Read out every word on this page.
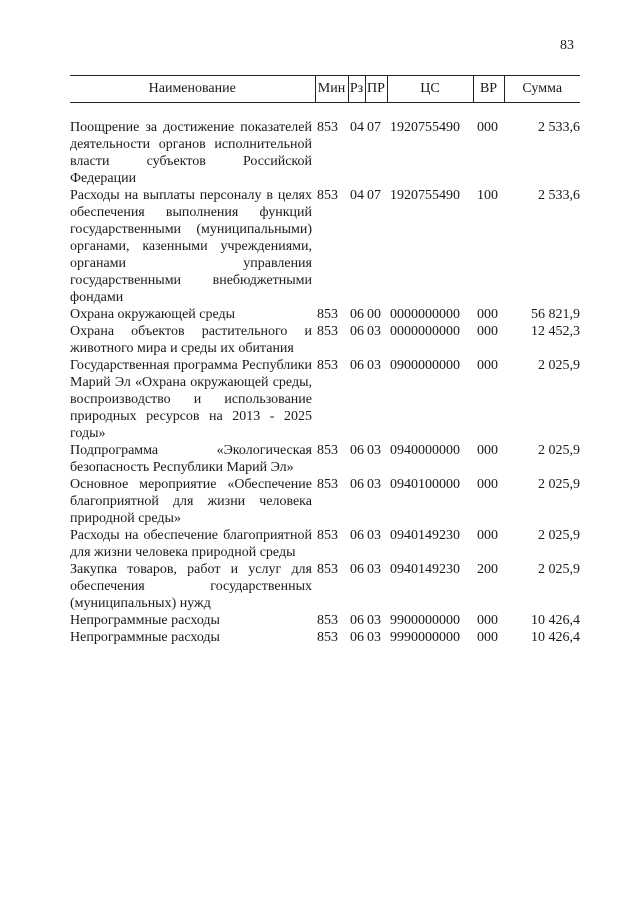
83
Наименование	Мин	Рз	ПР	ЦС	ВР	Сумма

Поощрение за достижение показателей деятельности органов исполнительной власти субъектов Российской Федерации	853	04	07	1920755490	000	2 533,6
Расходы на выплаты персоналу в целях обеспечения выполнения функций государственными (муниципальными) органами, казенными учреждениями, органами управления государственными внебюджетными фондами	853	04	07	1920755490	100	2 533,6
Охрана окружающей среды	853	06	00	0000000000	000	56 821,9
Охрана объектов растительного и животного мира и среды их обитания	853	06	03	0000000000	000	12 452,3
Государственная программа Республики Марий Эл «Охрана окружающей среды, воспроизводство и использование природных ресурсов на 2013 - 2025 годы»	853	06	03	0900000000	000	2 025,9
Подпрограмма «Экологическая безопасность Республики Марий Эл»	853	06	03	0940000000	000	2 025,9
Основное мероприятие «Обеспечение благоприятной для жизни человека природной среды»	853	06	03	0940100000	000	2 025,9
Расходы на обеспечение благоприятной для жизни человека природной среды	853	06	03	0940149230	000	2 025,9
Закупка товаров, работ и услуг для обеспечения государственных (муниципальных) нужд	853	06	03	0940149230	200	2 025,9
Непрограммные расходы	853	06	03	9900000000	000	10 426,4
Непрограммные расходы	853	06	03	9990000000	000	10 426,4
